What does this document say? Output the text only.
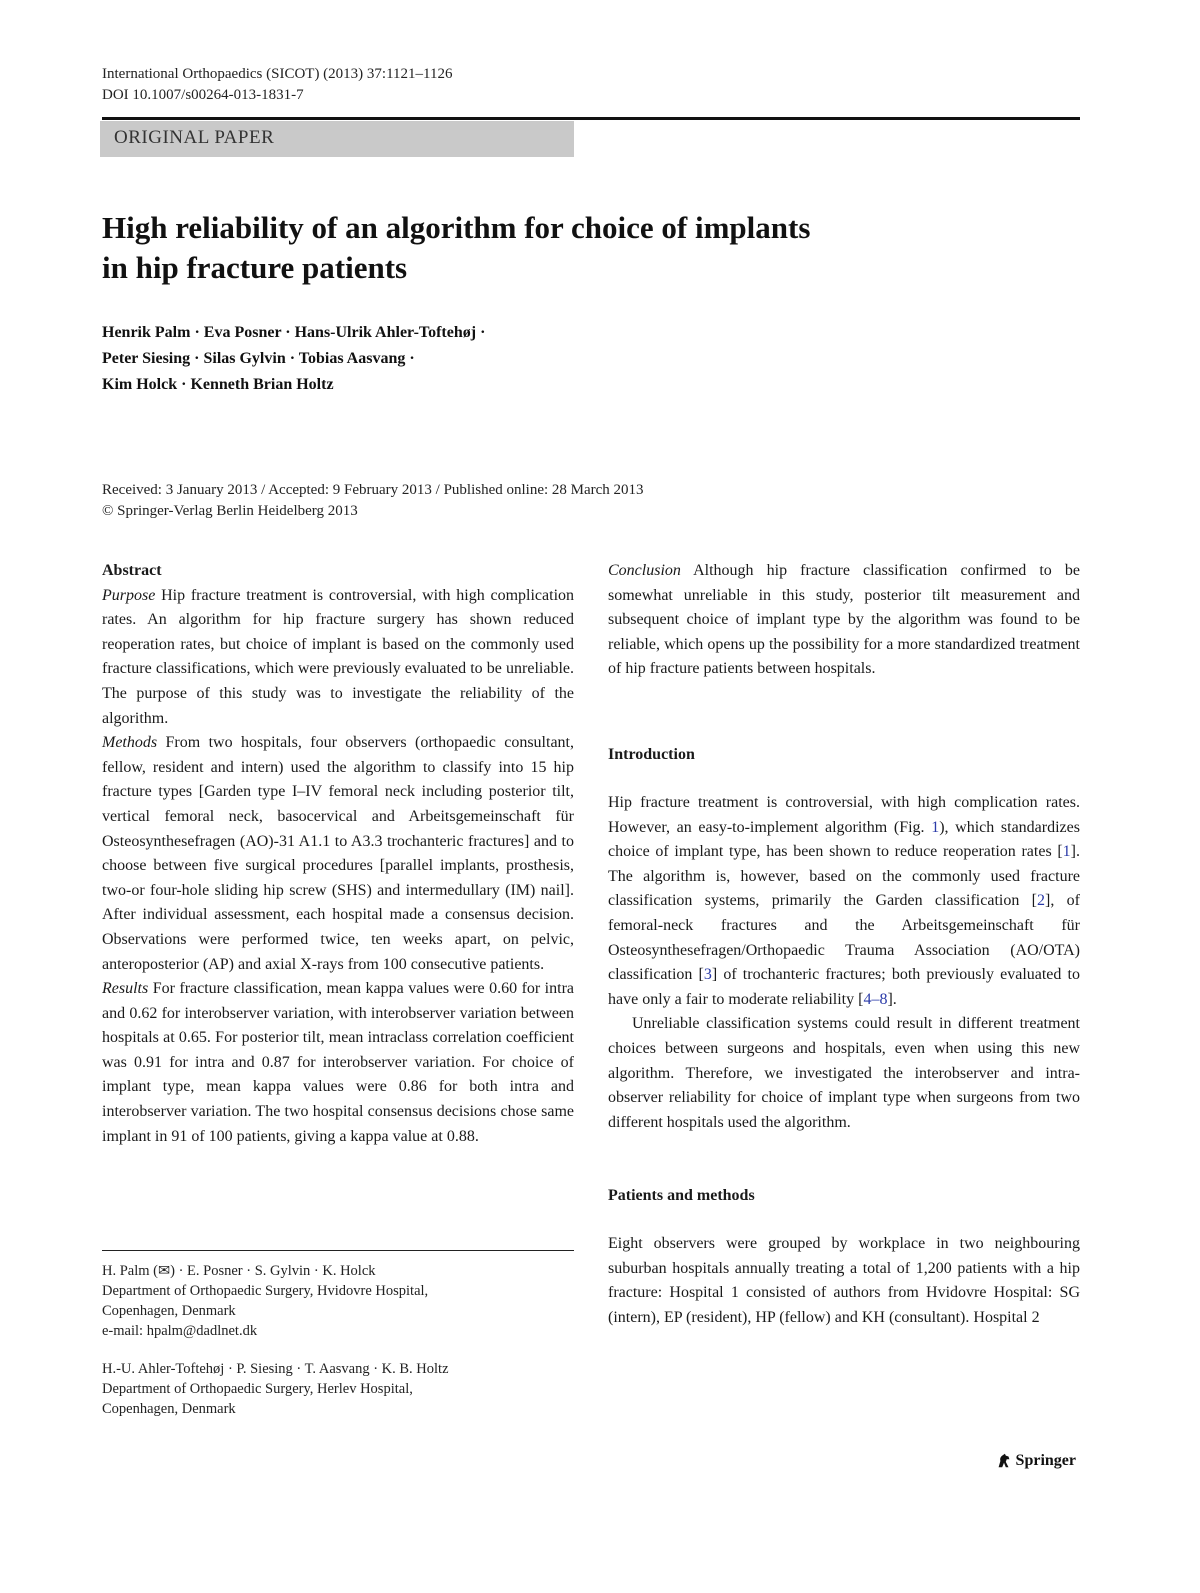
International Orthopaedics (SICOT) (2013) 37:1121–1126
DOI 10.1007/s00264-013-1831-7
ORIGINAL PAPER
High reliability of an algorithm for choice of implants
in hip fracture patients
Henrik Palm · Eva Posner · Hans-Ulrik Ahler-Toftehøj ·
Peter Siesing · Silas Gylvin · Tobias Aasvang ·
Kim Holck · Kenneth Brian Holtz
Received: 3 January 2013 / Accepted: 9 February 2013 / Published online: 28 March 2013
© Springer-Verlag Berlin Heidelberg 2013
Abstract

Purpose Hip fracture treatment is controversial, with high complication rates. An algorithm for hip fracture surgery has shown reduced reoperation rates, but choice of implant is based on the commonly used fracture classifications, which were previously evaluated to be unreliable. The purpose of this study was to investigate the reliability of the algorithm.

Methods From two hospitals, four observers (orthopaedic consultant, fellow, resident and intern) used the algorithm to classify into 15 hip fracture types [Garden type I–IV femoral neck including posterior tilt, vertical femoral neck, basocervical and Arbeitsgemeinschaft für Osteosynthesefragen (AO)-31 A1.1 to A3.3 trochanteric fractures] and to choose between five surgical procedures [parallel implants, prosthesis, two-or four-hole sliding hip screw (SHS) and intermedullary (IM) nail]. After individual assessment, each hospital made a consensus decision. Observations were performed twice, ten weeks apart, on pelvic, anteroposterior (AP) and axial X-rays from 100 consecutive patients.

Results For fracture classification, mean kappa values were 0.60 for intra and 0.62 for interobserver variation, with interobserver variation between hospitals at 0.65. For posterior tilt, mean intraclass correlation coefficient was 0.91 for intra and 0.87 for interobserver variation. For choice of implant type, mean kappa values were 0.86 for both intra and interobserver variation. The two hospital consensus decisions chose same implant in 91 of 100 patients, giving a kappa value at 0.88.

H. Palm (✉) · E. Posner · S. Gylvin · K. Holck
Department of Orthopaedic Surgery, Hvidovre Hospital,
Copenhagen, Denmark
e-mail: hpalm@dadlnet.dk
H.-U. Ahler-Toftehøj · P. Siesing · T. Aasvang · K. B. Holtz
Department of Orthopaedic Surgery, Herlev Hospital,
Copenhagen, Denmark

Conclusion Although hip fracture classification confirmed to be somewhat unreliable in this study, posterior tilt measurement and subsequent choice of implant type by the algorithm was found to be reliable, which opens up the possibility for a more standardized treatment of hip fracture patients between hospitals.

Introduction

Hip fracture treatment is controversial, with high complication rates. However, an easy-to-implement algorithm (Fig. 1), which standardizes choice of implant type, has been shown to reduce reoperation rates [1]. The algorithm is, however, based on the commonly used fracture classification systems, primarily the Garden classification [2], of femoral-neck fractures and the Arbeitsgemeinschaft für Osteosynthesefragen/Orthopaedic Trauma Association (AO/OTA) classification [3] of trochanteric fractures; both previously evaluated to have only a fair to moderate reliability [4–8].

Unreliable classification systems could result in different treatment choices between surgeons and hospitals, even when using this new algorithm. Therefore, we investigated the interobserver and intra-observer reliability for choice of implant type when surgeons from two different hospitals used the algorithm.

Patients and methods

Eight observers were grouped by workplace in two neighbouring suburban hospitals annually treating a total of 1,200 patients with a hip fracture: Hospital 1 consisted of authors from Hvidovre Hospital: SG (intern), EP (resident), HP (fellow) and KH (consultant). Hospital 2

Springer
